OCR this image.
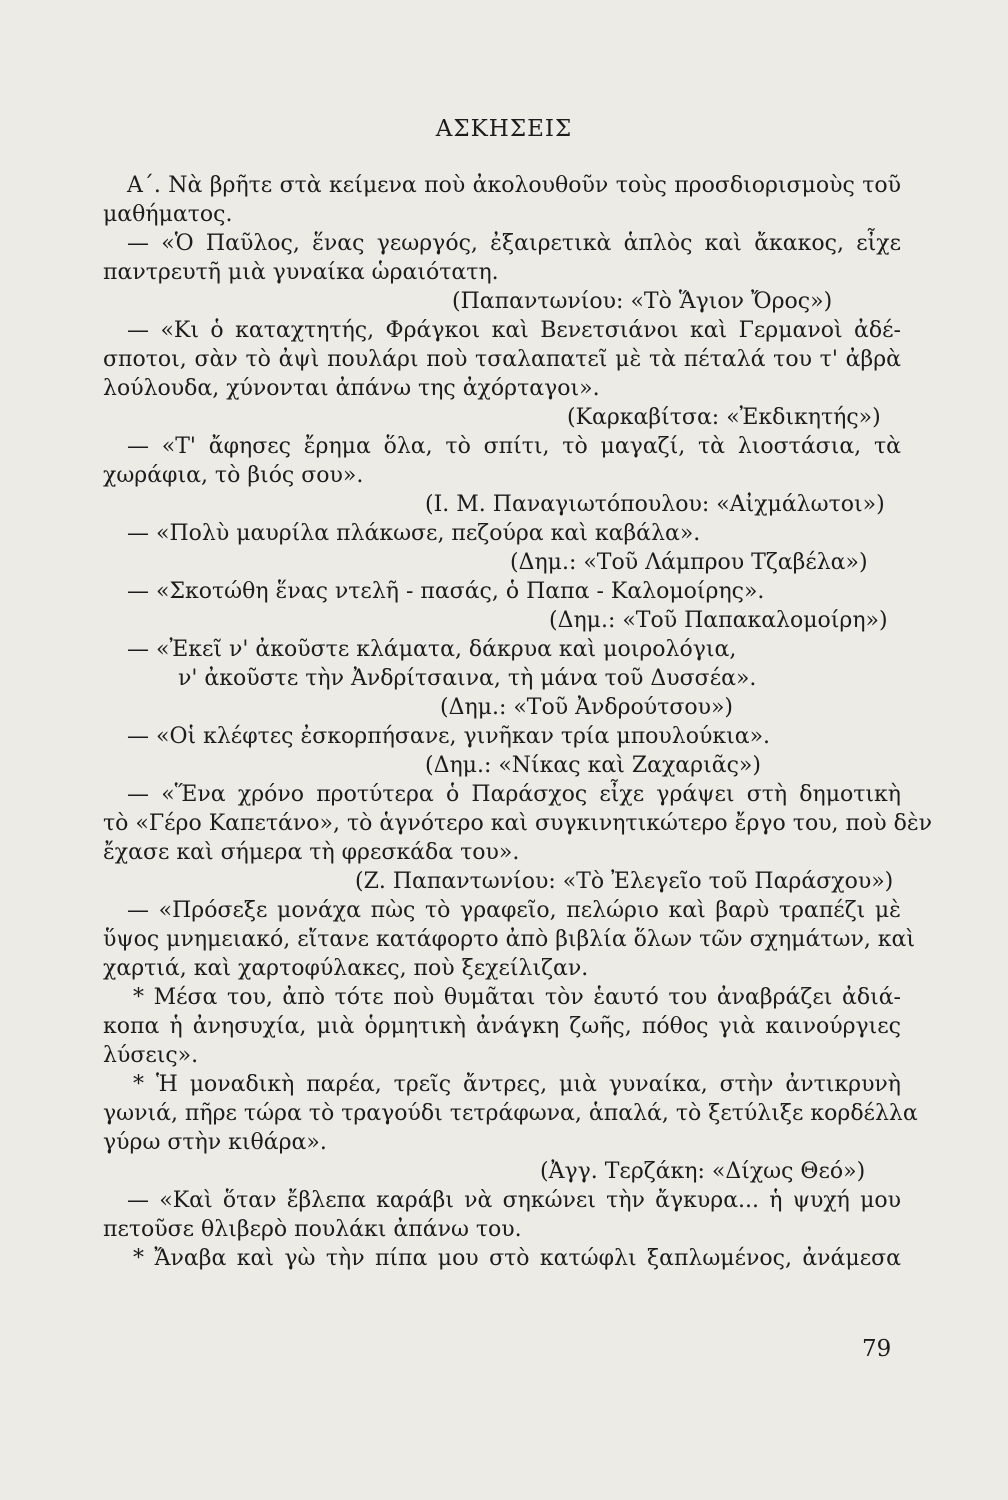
ΑΣΚΗΣΕΙΣ
Α΄. Νὰ βρῆτε στὰ κείμενα ποὺ ἀκολουθοῦν τοὺς προσδιορισμοὺς τοῦ
μαθήματος.
— «Ὁ Παῦλος, ἕνας γεωργός, ἐξαιρετικὰ ἁπλὸς καὶ ἄκακος, εἶχε
παντρευτῆ μιὰ γυναίκα ὡραιότατη.
(Παπαντωνίου: «Τὸ Ἅγιον Ὄρος»)
— «Κι ὁ καταχτητής, Φράγκοι καὶ Βενετσιάνοι καὶ Γερμανοὶ ἀδέ-
σποτοι, σὰν τὸ ἀψὶ πουλάρι ποὺ τσαλαπατεῖ μὲ τὰ πέταλά του τ' ἀβρὰ
λούλουδα, χύνονται ἀπάνω της ἀχόρταγοι».
(Καρκαβίτσα: «Ἐκδικητής»)
— «Τ' ἄφησες ἔρημα ὅλα, τὸ σπίτι, τὸ μαγαζί, τὰ λιοστάσια, τὰ
χωράφια, τὸ βιός σου».
(Ι. Μ. Παναγιωτόπουλου: «Αἰχμάλωτοι»)
— «Πολὺ μαυρίλα πλάκωσε, πεζούρα καὶ καβάλα».
(Δημ.: «Τοῦ Λάμπρου Τζαβέλα»)
— «Σκοτώθη ἕνας ντελῆ - πασάς, ὁ Παπα - Καλομοίρης».
(Δημ.: «Τοῦ Παπακαλομοίρη»)
— «Ἐκεῖ ν' ἀκοῦστε κλάματα, δάκρυα καὶ μοιρολόγια,
ν' ἀκοῦστε τὴν Ἀνδρίτσαινα, τὴ μάνα τοῦ Δυσσέα».
(Δημ.: «Τοῦ Ἀνδρούτσου»)
— «Οἱ κλέφτες ἐσκορπήσανε, γινῆκαν τρία μπουλούκια».
(Δημ.: «Νίκας καὶ Ζαχαριᾶς»)
— «Ἕνα χρόνο προτύτερα ὁ Παράσχος εἶχε γράψει στὴ δημοτικὴ
τὸ «Γέρο Καπετάνο», τὸ ἁγνότερο καὶ συγκινητικώτερο ἔργο του, ποὺ δὲν
ἔχασε καὶ σήμερα τὴ φρεσκάδα του».
(Ζ. Παπαντωνίου: «Τὸ Ἐλεγεῖο τοῦ Παράσχου»)
— «Πρόσεξε μονάχα πὼς τὸ γραφεῖο, πελώριο καὶ βαρὺ τραπέζι μὲ
ὕψος μνημειακό, εἴτανε κατάφορτο ἀπὸ βιβλία ὅλων τῶν σχημάτων, καὶ
χαρτιά, καὶ χαρτοφύλακες, ποὺ ξεχείλιζαν.
* Μέσα του, ἀπὸ τότε ποὺ θυμᾶται τὸν ἑαυτό του ἀναβράζει ἀδιά-
κοπα ἡ ἀνησυχία, μιὰ ὁρμητικὴ ἀνάγκη ζωῆς, πόθος γιὰ καινούργιες
λύσεις».
* Ἡ μοναδικὴ παρέα, τρεῖς ἄντρες, μιὰ γυναίκα, στὴν ἀντικρυνὴ
γωνιά, πῆρε τώρα τὸ τραγούδι τετράφωνα, ἁπαλά, τὸ ξετύλιξε κορδέλλα
γύρω στὴν κιθάρα».
(Ἀγγ. Τερζάκη: «Δίχως Θεό»)
— «Καὶ ὅταν ἔβλεπα καράβι νὰ σηκώνει τὴν ἄγκυρα... ἡ ψυχή μου
πετοῦσε θλιβερὸ πουλάκι ἀπάνω του.
* Ἄναβα καὶ γὼ τὴν πίπα μου στὸ κατώφλι ξαπλωμένος, ἀνάμεσα
79
